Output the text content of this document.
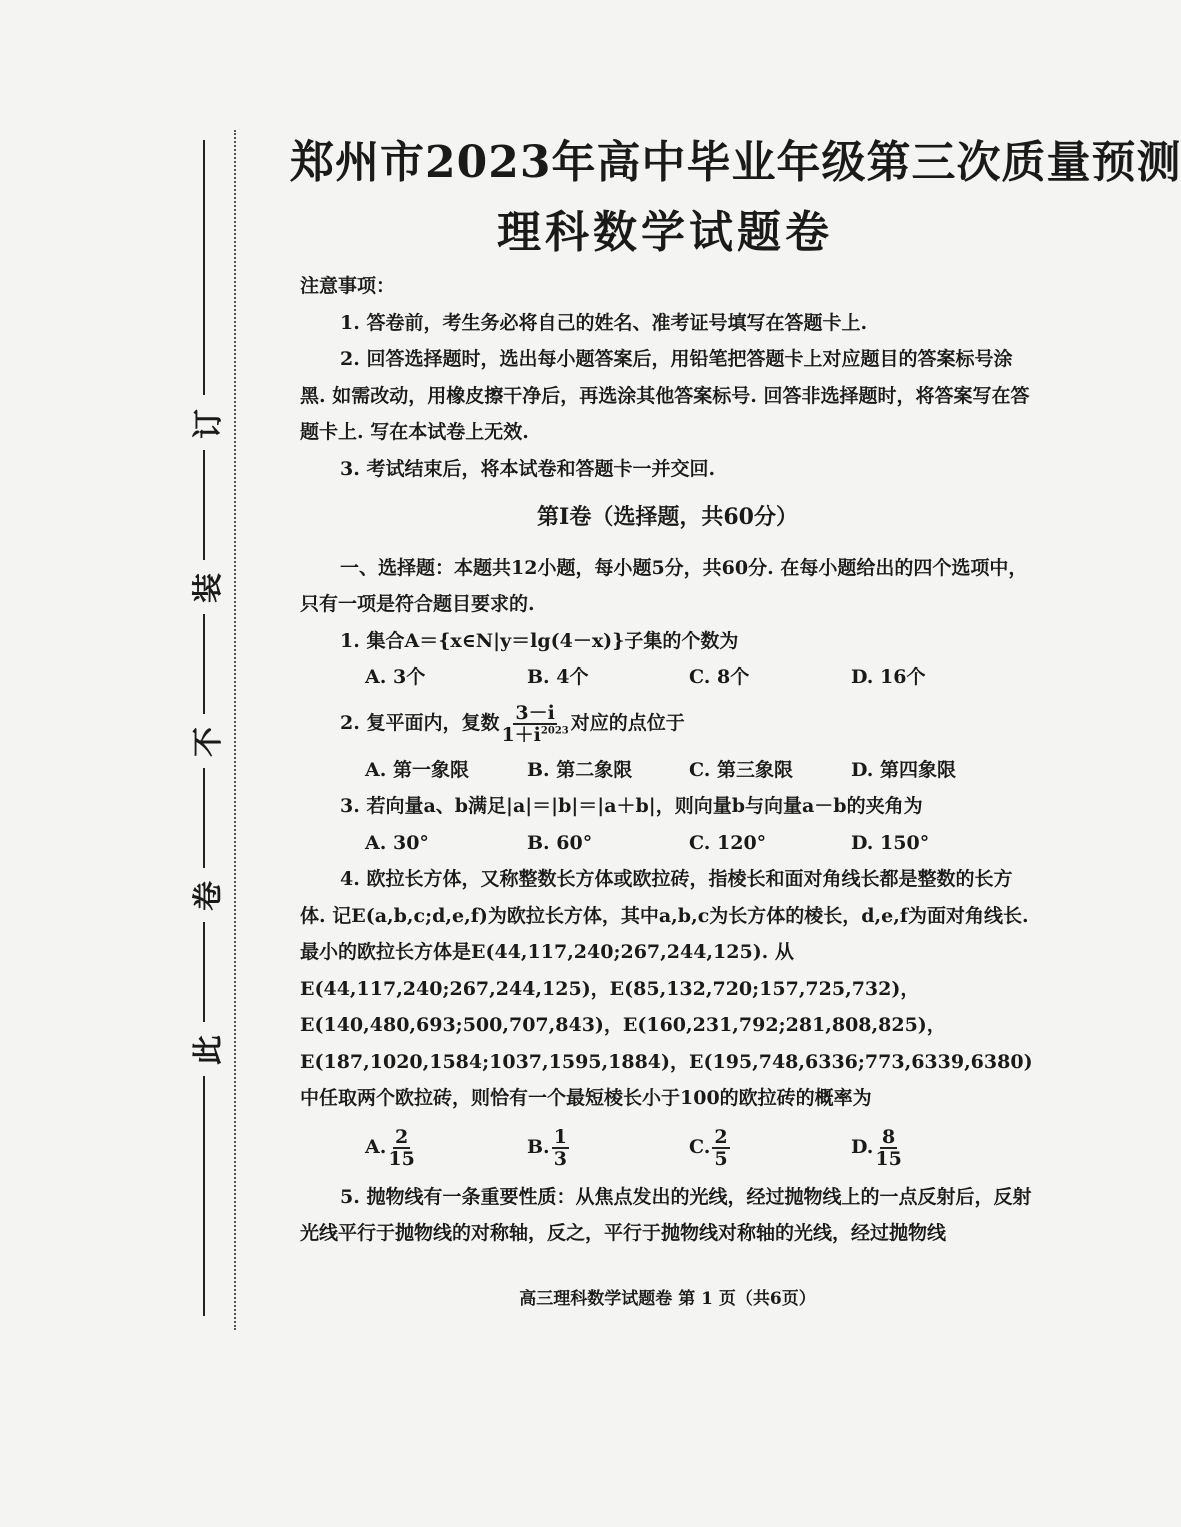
订
装
不
卷
此
郑州市2023年高中毕业年级第三次质量预测
理科数学试题卷

注意事项：

1. 答卷前，考生务必将自己的姓名、准考证号填写在答题卡上.

2. 回答选择题时，选出每小题答案后，用铅笔把答题卡上对应题目的答案标号涂黑. 如需改动，用橡皮擦干净后，再选涂其他答案标号. 回答非选择题时，将答案写在答题卡上. 写在本试卷上无效.

3. 考试结束后，将本试卷和答题卡一并交回.

第Ⅰ卷（选择题，共60分）

一、选择题：本题共12小题，每小题5分，共60分. 在每小题给出的四个选项中，只有一项是符合题目要求的.

1. 集合A＝{x∈N|y＝lg(4－x)}子集的个数为

A. 3个	B. 4个	C. 8个	D. 16个
2. 复平面内，复数 $\frac{3-i}{1+i^{2023}}$ 对应的点位于
A. 第一象限	B. 第二象限	C. 第三象限	D. 第四象限

3. 若向量a、b满足|a|＝|b|＝|a＋b|，则向量b与向量a－b的夹角为

A. 30°	B. 60°	C. 120°	D. 150°

4. 欧拉长方体，又称整数长方体或欧拉砖，指棱长和面对角线长都是整数的长方体. 记E(a,b,c;d,e,f)为欧拉长方体，其中a,b,c为长方体的棱长，d,e,f为面对角线长. 最小的欧拉长方体是E(44,117,240;267,244,125). 从E(44,117,240;267,244,125)，E(85,132,720;157,725,732)，E(140,480,693;500,707,843)，E(160,231,792;281,808,825)，E(187,1020,1584;1037,1595,1884)，E(195,748,6336;773,6339,6380)中任取两个欧拉砖，则恰有一个最短棱长小于100的欧拉砖的概率为

A. $\frac{2}{15}$	B. $\frac{1}{3}$	C. $\frac{2}{5}$	D. $\frac{8}{15}$

5. 抛物线有一条重要性质：从焦点发出的光线，经过抛物线上的一点反射后，反射光线平行于抛物线的对称轴，反之，平行于抛物线对称轴的光线，经过抛物线

高三理科数学试题卷 第 1 页（共6页）
